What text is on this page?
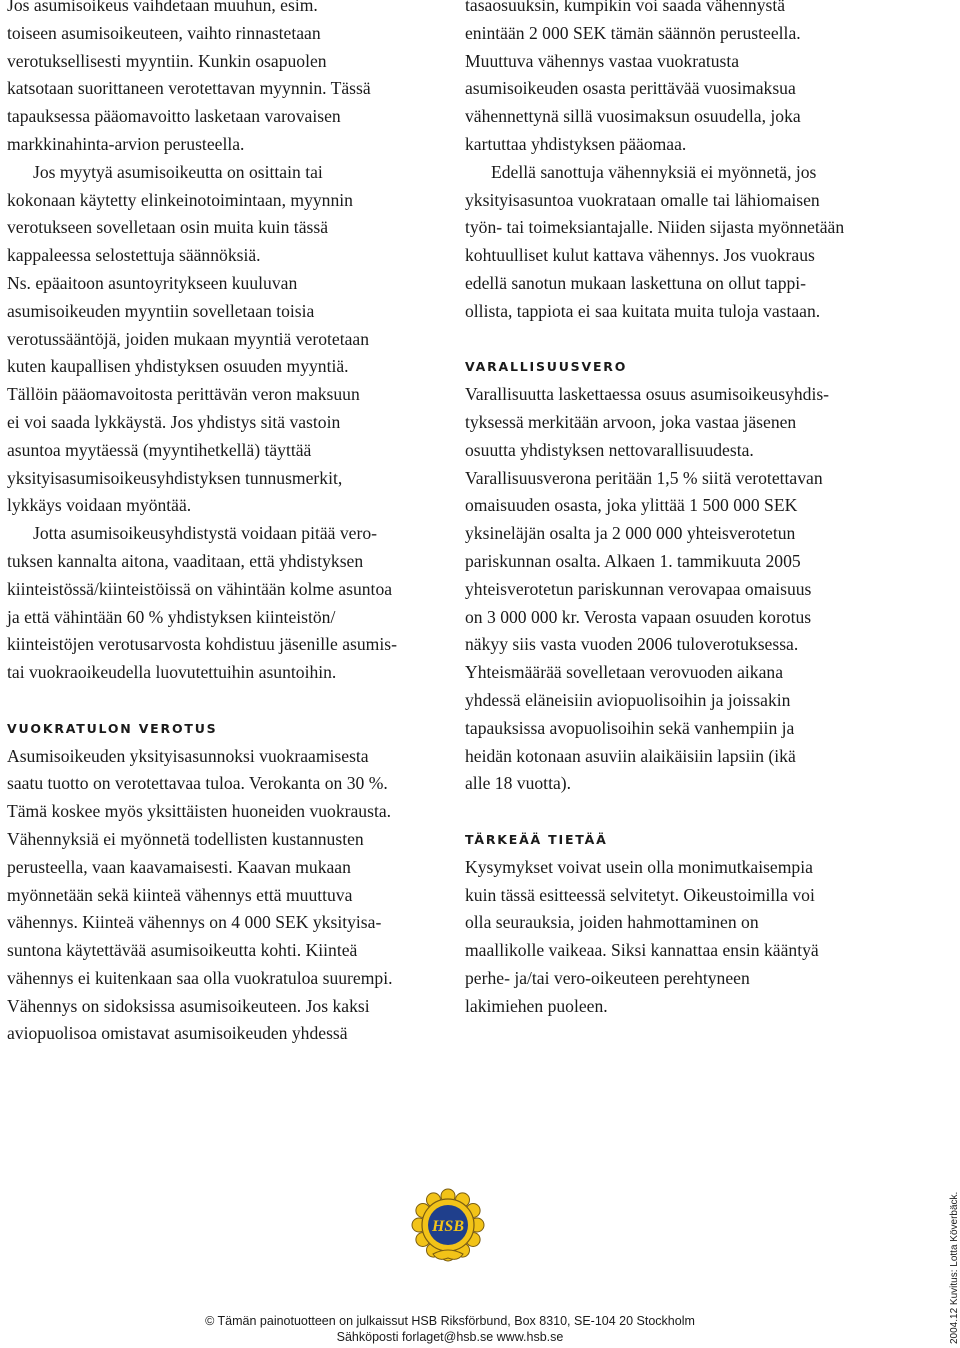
Jos asumisoikeus vaihdetaan muuhun, esim.
toiseen asumisoikeuteen, vaihto rinnastetaan
verotuksellisesti myyntiin. Kunkin osapuolen
katsotaan suorittaneen verotettavan myynnin. Tässä
tapauksessa pääomavoitto lasketaan varovaisen
markkinahinta-arvion perusteella.
Jos myytyä asumisoikeutta on osittain tai
kokonaan käytetty elinkeinotoimintaan, myynnin
verotukseen sovelletaan osin muita kuin tässä
kappaleessa selostettuja säännöksiä.
Ns. epäaitoon asuntoyritykseen kuuluvan
asumisoikeuden myyntiin sovelletaan toisia
verotussääntöjä, joiden mukaan myyntiä verotetaan
kuten kaupallisen yhdistyksen osuuden myyntiä.
Tällöin pääomavoitosta perittävän veron maksuun
ei voi saada lykkäystä. Jos yhdistys sitä vastoin
asuntoa myytäessä (myyntihetkellä) täyttää
yksityisasumisoikeusyhdistyksen tunnusmerkit,
lykkäys voidaan myöntää.
Jotta asumisoikeusyhdistystä voidaan pitää vero-
tuksen kannalta aitona, vaaditaan, että yhdistyksen
kiinteistössä/kiinteistöissä on vähintään kolme asuntoa
ja että vähintään 60 % yhdistyksen kiinteistön/
kiinteistöjen verotusarvosta kohdistuu jäsenille asumis-
tai vuokraoikeudella luovutettuihin asuntoihin.
VUOKRATULON VEROTUS
Asumisoikeuden yksityisasunnoksi vuokraamisesta
saatu tuotto on verotettavaa tuloa. Verokanta on 30 %.
Tämä koskee myös yksittäisten huoneiden vuokrausta.
Vähennyksiä ei myönnetä todellisten kustannusten
perusteella, vaan kaavamaisesti. Kaavan mukaan
myönnetään sekä kiinteä vähennys että muuttuva
vähennys. Kiinteä vähennys on 4 000 SEK yksityisa-
suntona käytettävää asumisoikeutta kohti. Kiinteä
vähennys ei kuitenkaan saa olla vuokratuloa suurempi.
Vähennys on sidoksissa asumisoikeuteen. Jos kaksi
aviopuolisoa omistavat asumisoikeuden yhdessä
tasaosuuksin, kumpikin voi saada vähennystä
enintään 2 000 SEK tämän säännön perusteella.
Muuttuva vähennys vastaa vuokratusta
asumisoikeuden osasta perittävää vuosimaksua
vähennettynä sillä vuosimaksun osuudella, joka
kartuttaa yhdistyksen pääomaa.
Edellä sanottuja vähennyksiä ei myönnetä, jos
yksityisasuntoa vuokrataan omalle tai lähiomaisen
työn- tai toimeksiantajalle. Niiden sijasta myönnetään
kohtuulliset kulut kattava vähennys. Jos vuokraus
edellä sanotun mukaan laskettuna on ollut tappi-
ollista, tappiota ei saa kuitata muita tuloja vastaan.
VARALLISUUSVERO
Varallisuutta laskettaessa osuus asumisoikeusyhdis-
tyksessä merkitään arvoon, joka vastaa jäsenen
osuutta yhdistyksen nettovarallisuudesta.
Varallisuusverona peritään 1,5 % siitä verotettavan
omaisuuden osasta, joka ylittää 1 500 000 SEK
yksineläjän osalta ja 2 000 000 yhteisverotetun
pariskunnan osalta. Alkaen 1. tammikuuta 2005
yhteisverotetun pariskunnan verovapaa omaisuus
on 3 000 000 kr. Verosta vapaan osuuden korotus
näkyy siis vasta vuoden 2006 tuloverotuksessa.
Yhteismäärää sovelletaan verovuoden aikana
yhdessä eläneisiin aviopuolisoihin ja joissakin
tapauksissa avopuolisoihin sekä vanhempiin ja
heidän kotonaan asuviin alaikäisiin lapsiin (ikä
alle 18 vuotta).
TÄRKEÄÄ TIETÄÄ
Kysymykset voivat usein olla monimutkaisempia
kuin tässä esitteessä selvitetyt. Oikeustoimilla voi
olla seurauksia, joiden hahmottaminen on
maallikolle vaikeaa. Siksi kannattaa ensin kääntyä
perhe- ja/tai vero-oikeuteen perehtyneen
lakimiehen puoleen.
HSB
© Tämän painotuotteen on julkaissut HSB Riksförbund, Box 8310, SE-104 20 Stockholm
Sähköposti forlaget@hsb.se www.hsb.se	2004.12 Kuvitus: Lotta Köverbäck.
